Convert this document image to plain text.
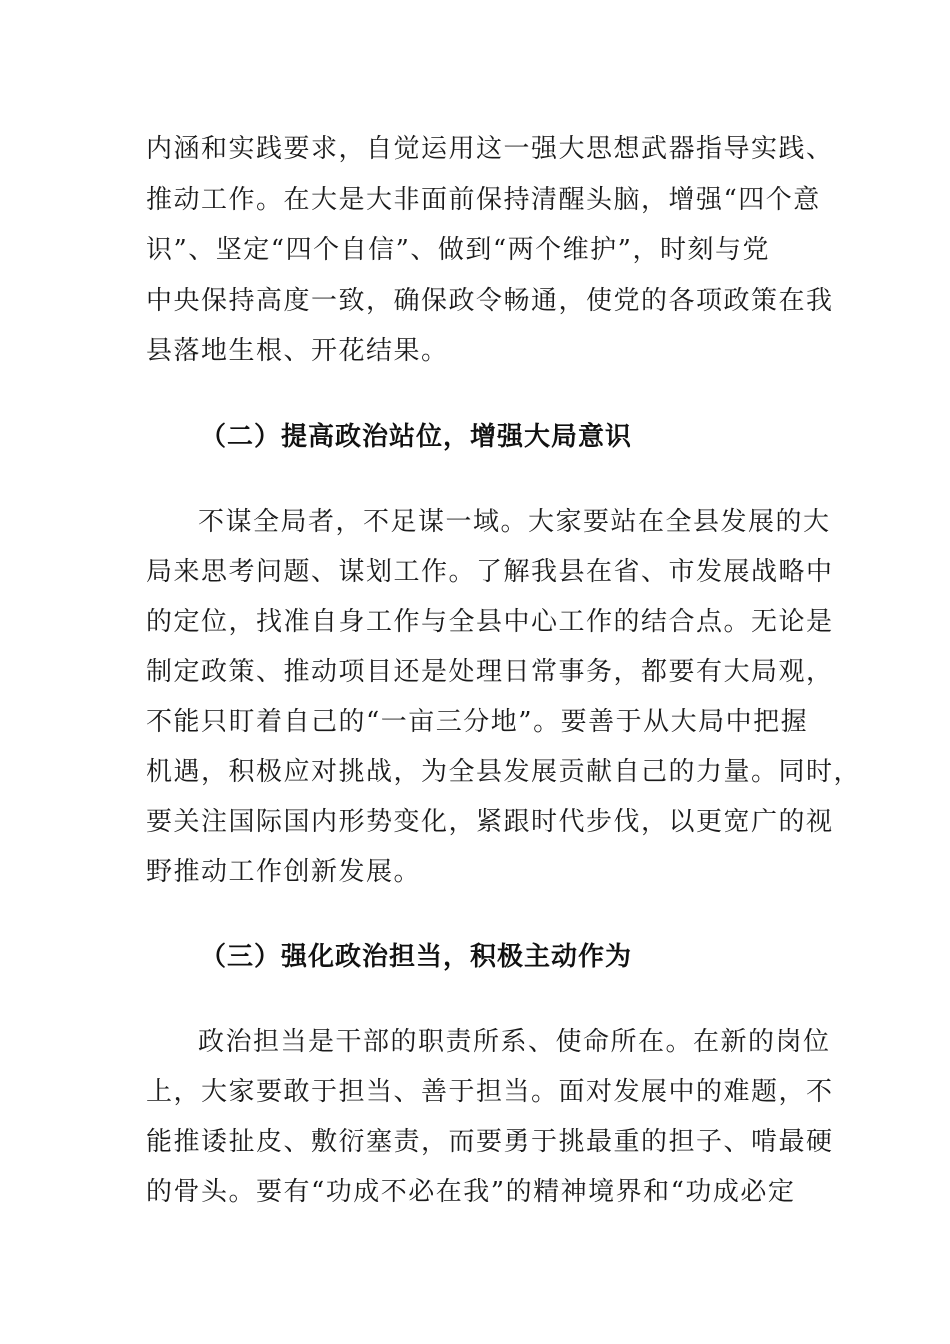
内涵和实践要求，自觉运用这一强大思想武器指导实践、
推动工作。在大是大非面前保持清醒头脑，增强“四个意
识”、坚定“四个自信”、做到“两个维护”，时刻与党
中央保持高度一致，确保政令畅通，使党的各项政策在我
县落地生根、开花结果。
（二）提高政治站位，增强大局意识
不谋全局者，不足谋一域。大家要站在全县发展的大
局来思考问题、谋划工作。了解我县在省、市发展战略中
的定位，找准自身工作与全县中心工作的结合点。无论是
制定政策、推动项目还是处理日常事务，都要有大局观，
不能只盯着自己的“一亩三分地”。要善于从大局中把握
机遇，积极应对挑战，为全县发展贡献自己的力量。同时，
要关注国际国内形势变化，紧跟时代步伐，以更宽广的视
野推动工作创新发展。
（三）强化政治担当，积极主动作为
政治担当是干部的职责所系、使命所在。在新的岗位
上，大家要敢于担当、善于担当。面对发展中的难题，不
能推诿扯皮、敷衍塞责，而要勇于挑最重的担子、啃最硬
的骨头。要有“功成不必在我”的精神境界和“功成必定
